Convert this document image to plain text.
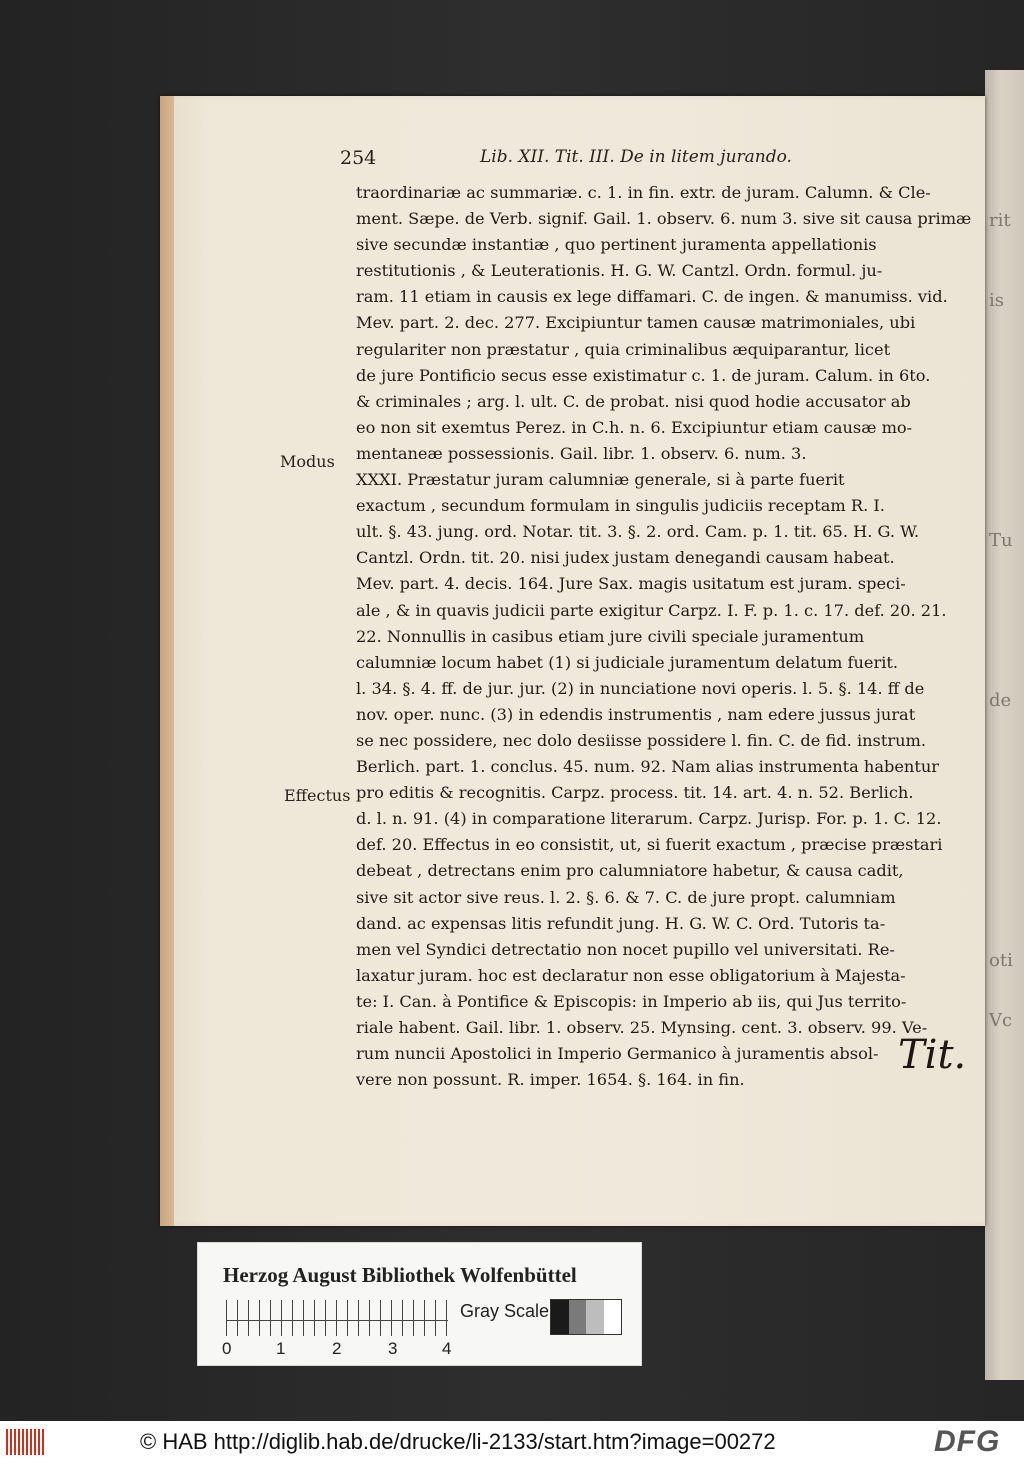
rit
is
Tu
de
oti
Vc
254	Lib. XII. Tit. III. De in litem jurando.
traordinariæ ac summariæ. c. 1. in fin. extr. de juram. Calumn. & Cle-
ment. Sæpe. de Verb. signif. Gail. 1. observ. 6. num 3. sive sit causa primæ
sive secundæ instantiæ , quo pertinent juramenta appellationis
restitutionis , & Leuterationis. H. G. W. Cantzl. Ordn. formul. ju-
ram. 11 etiam in causis ex lege diffamari. C. de ingen. & manumiss. vid.
Mev. part. 2. dec. 277. Excipiuntur tamen causæ matrimoniales, ubi
regulariter non præstatur , quia criminalibus æquiparantur, licet
de jure Pontificio secus esse existimatur c. 1. de juram. Calum. in 6to.
& criminales ; arg. l. ult. C. de probat. nisi quod hodie accusator ab
eo non sit exemtus Perez. in C.h. n. 6. Excipiuntur etiam causæ mo-
mentaneæ possessionis. Gail. libr. 1. observ. 6. num. 3.
XXXI. Præstatur juram calumniæ generale, si à parte fuerit
exactum , secundum formulam in singulis judiciis receptam R. I.
ult. §. 43. jung. ord. Notar. tit. 3. §. 2. ord. Cam. p. 1. tit. 65. H. G. W.
Cantzl. Ordn. tit. 20. nisi judex justam denegandi causam habeat.
Mev. part. 4. decis. 164. Jure Sax. magis usitatum est juram. speci-
ale , & in quavis judicii parte exigitur Carpz. I. F. p. 1. c. 17. def. 20. 21.
22. Nonnullis in casibus etiam jure civili speciale juramentum
calumniæ locum habet (1) si judiciale juramentum delatum fuerit.
l. 34. §. 4. ff. de jur. jur. (2) in nunciatione novi operis. l. 5. §. 14. ff de
nov. oper. nunc. (3) in edendis instrumentis , nam edere jussus jurat
se nec possidere, nec dolo desiisse possidere l. fin. C. de fid. instrum.
Berlich. part. 1. conclus. 45. num. 92. Nam alias instrumenta habentur
pro editis & recognitis. Carpz. process. tit. 14. art. 4. n. 52. Berlich.
d. l. n. 91. (4) in comparatione literarum. Carpz. Jurisp. For. p. 1. C. 12.
def. 20. Effectus in eo consistit, ut, si fuerit exactum , præcise præstari
debeat , detrectans enim pro calumniatore habetur, & causa cadit,
sive sit actor sive reus. l. 2. §. 6. & 7. C. de jure propt. calumniam
dand. ac expensas litis refundit jung. H. G. W. C. Ord. Tutoris ta-
men vel Syndici detrectatio non nocet pupillo vel universitati. Re-
laxatur juram. hoc est declaratur non esse obligatorium à Majesta-
te: I. Can. à Pontifice & Episcopis: in Imperio ab iis, qui Jus territo-
riale habent. Gail. libr. 1. observ. 25. Mynsing. cent. 3. observ. 99. Ve-
rum nuncii Apostolici in Imperio Germanico à juramentis absol-
vere non possunt. R. imper. 1654. §. 164. in fin.
Modus
Effectus
Tit.
Herzog August Bibliothek Wolfenbüttel
0	1	2	3	4
Gray Scale
© HAB http://diglib.hab.de/drucke/li-2133/start.htm?image=00272	DFG
